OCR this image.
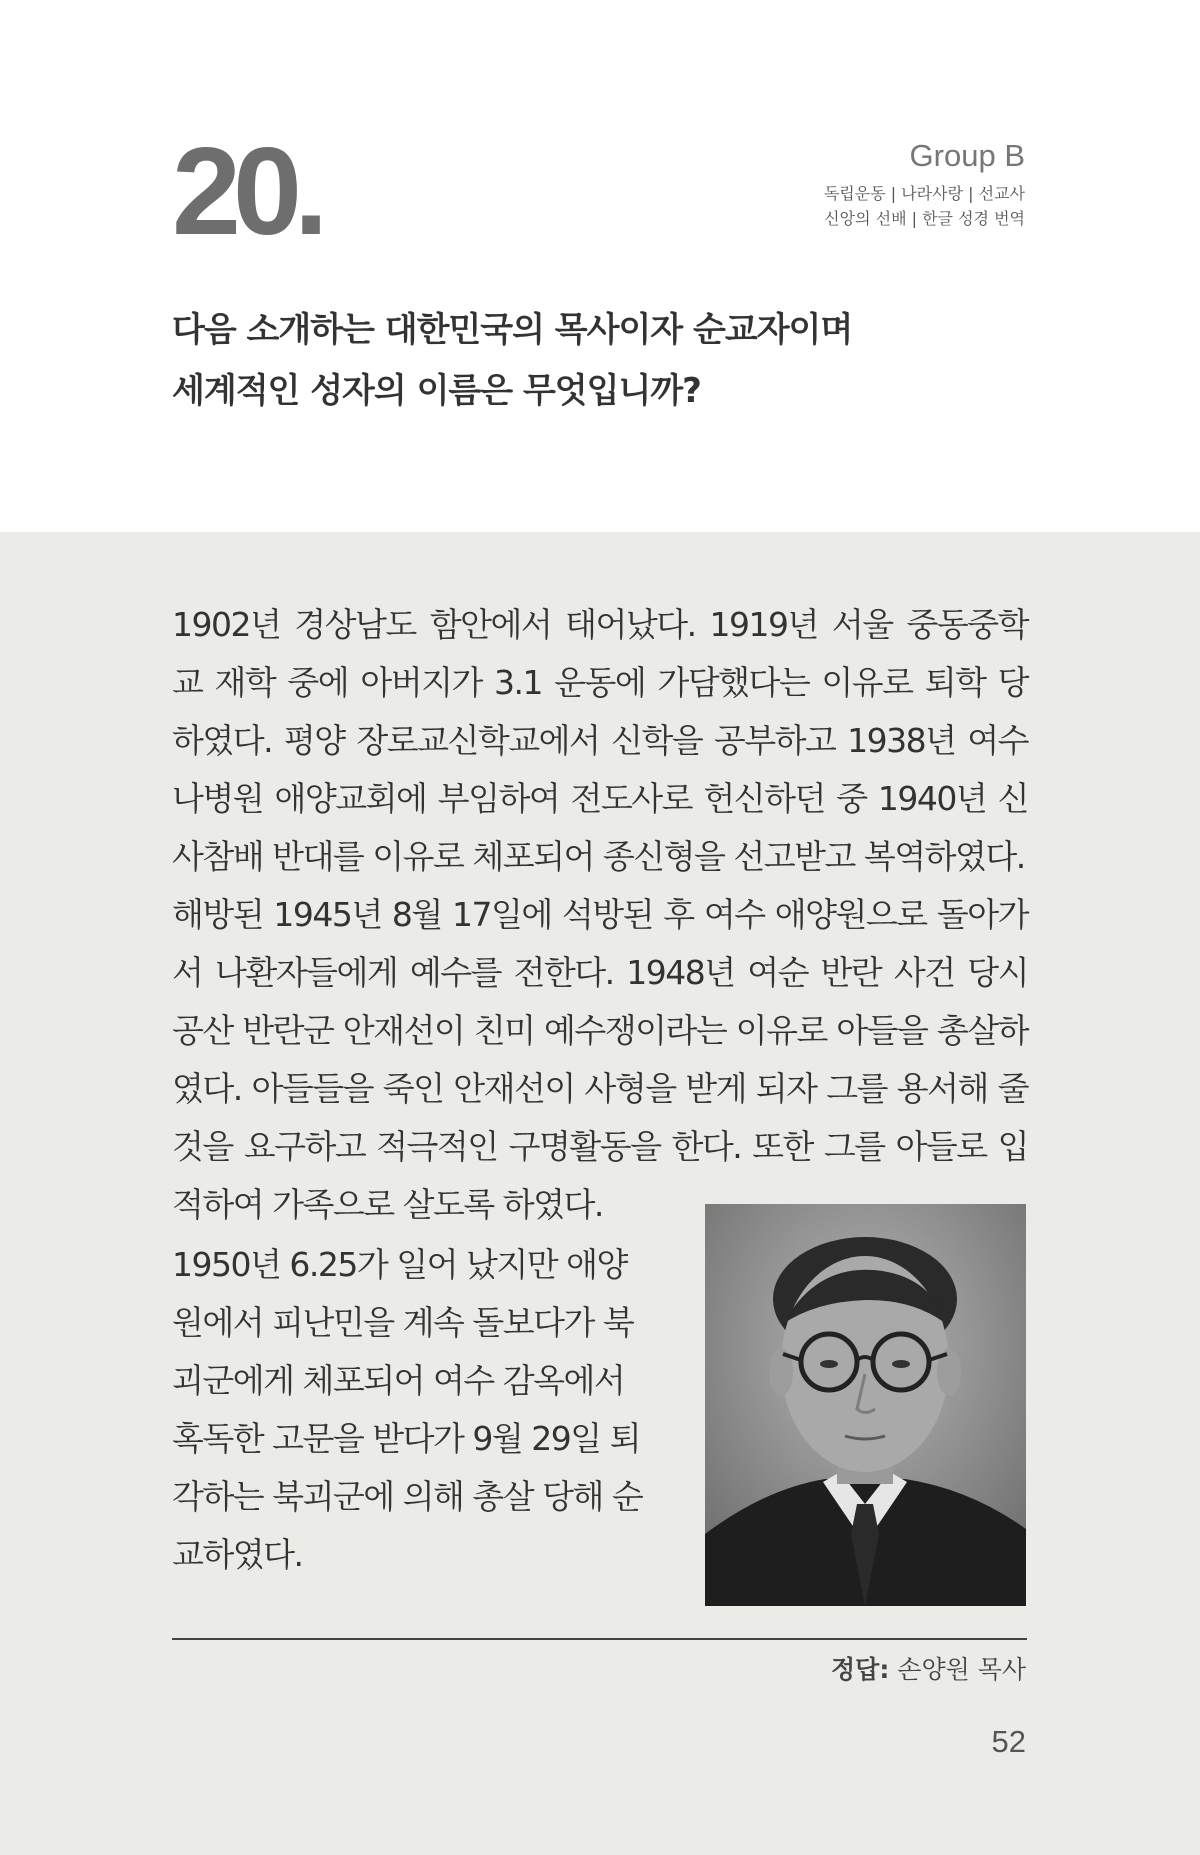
20.	Group B
독립운동 | 나라사랑 | 선교사
신앙의 선배 | 한글 성경 번역
다음 소개하는 대한민국의 목사이자 순교자이며
세계적인 성자의 이름은 무엇입니까?

1902년 경상남도 함안에서 태어났다. 1919년 서울 중동중학교 재학 중에 아버지가 3.1 운동에 가담했다는 이유로 퇴학 당하였다. 평양 장로교신학교에서 신학을 공부하고 1938년 여수 나병원 애양교회에 부임하여 전도사로 헌신하던 중 1940년 신사참배 반대를 이유로 체포되어 종신형을 선고받고 복역하였다.

해방된 1945년 8월 17일에 석방된 후 여수 애양원으로 돌아가서 나환자들에게 예수를 전한다. 1948년 여순 반란 사건 당시 공산 반란군 안재선이 친미 예수쟁이라는 이유로 아들을 총살하였다. 아들들을 죽인 안재선이 사형을 받게 되자 그를 용서해 줄 것을 요구하고 적극적인 구명활동을 한다. 또한 그를 아들로 입적하여 가족으로 살도록 하였다.

1950년 6.25가 일어 났지만 애양원에서 피난민을 계속 돌보다가 북괴군에게 체포되어 여수 감옥에서 혹독한 고문을 받다가 9월 29일 퇴각하는 북괴군에 의해 총살 당해 순교하였다.
정답: 손양원 목사
52
